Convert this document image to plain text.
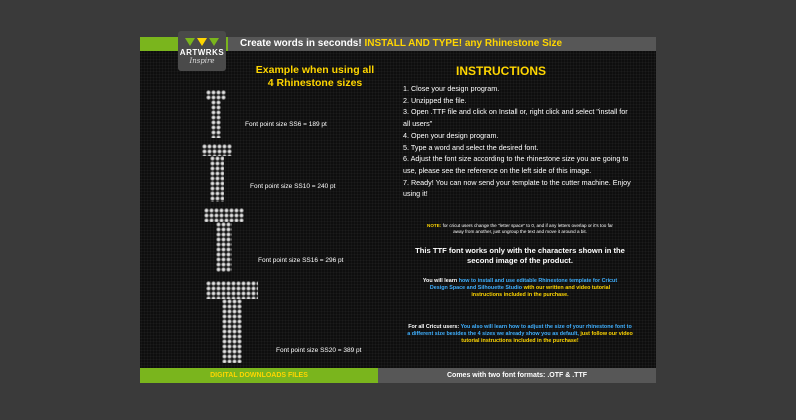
Create words in seconds! INSTALL AND TYPE! any Rhinestone Size
ARTWRKS
Inspire
Example when using all
4 Rhinestone sizes
Font point size SS6 = 189 pt
Font point size SS10 = 240 pt
Font point size SS16 = 296 pt
Font point size SS20 = 389 pt
INSTRUCTIONS
1. Close your design program.
2. Unzipped the file.
3. Open .TTF file and click on Install or, right click and select "install for all users"
4. Open your design program.
5. Type a word and select the desired font.
6. Adjust the font size according to the rhinestone size you are going to use, please see the reference on the left side of this image.
7. Ready! You can now send your template to the cutter machine. Enjoy using it!
NOTE: for cricut users change the "letter space" to 0, and if any letters overlap or it's too far away from another, just ungroup the text and move it around a bit.
This TTF font works only with the characters shown in the second image of the product.
You will learn how to install and use editable Rhinestone template for Cricut Design Space and Silhouette Studio with our written and video tutorial instructions included in the purchase.
For all Cricut users: You also will learn how to adjust the size of your rhinestone font to a different size besides the 4 sizes we already show you as default, just follow our video tutorial instructions included in the purchase!
DIGITAL DOWNLOADS FILES	Comes with two font formats: .OTF & .TTF
